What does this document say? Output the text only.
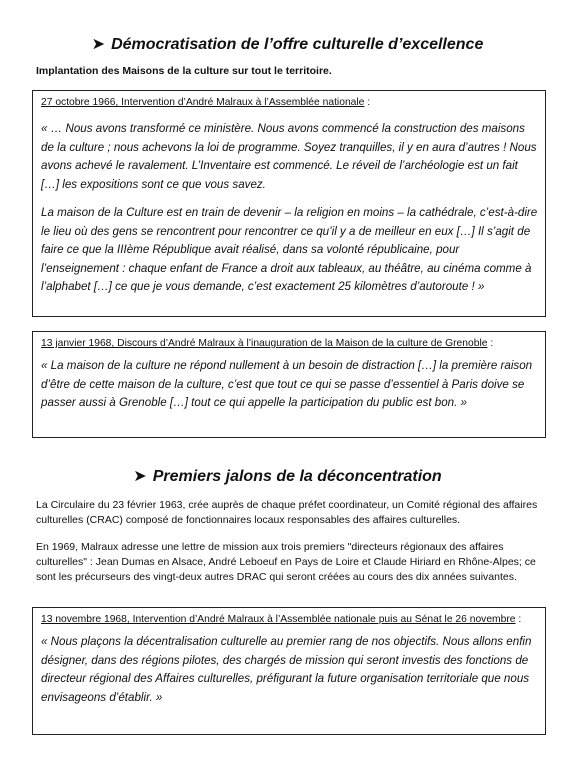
➤ Démocratisation de l’offre culturelle d’excellence
Implantation des Maisons de la culture sur tout le territoire.
27 octobre 1966, Intervention d’André Malraux à l’Assemblée nationale :

« … Nous avons transformé ce ministère. Nous avons commencé la construction des maisons de la culture ; nous achevons la loi de programme. Soyez tranquilles, il y en aura d’autres ! Nous avons achevé le ravalement. L’Inventaire est commencé. Le réveil de l’archéologie est un fait […] les expositions sont ce que vous savez.

La maison de la Culture est en train de devenir – la religion en moins – la cathédrale, c’est-à-dire le lieu où des gens se rencontrent pour rencontrer ce qu’il y a de meilleur en eux […] Il s’agit de faire ce que la IIIème République avait réalisé, dans sa volonté républicaine, pour l’enseignement : chaque enfant de France a droit aux tableaux, au théâtre, au cinéma comme à l’alphabet […] ce que je vous demande, c’est exactement 25 kilomètres d’autoroute ! »

13 janvier 1968, Discours d’André Malraux à l’inauguration de la Maison de la culture de Grenoble :

« La maison de la culture ne répond nullement à un besoin de distraction […] la première raison d’être de cette maison de la culture, c’est que tout ce qui se passe d’essentiel à Paris doive se passer aussi à Grenoble […] tout ce qui appelle la participation du public est bon. »

➤ Premiers jalons de la déconcentration
La Circulaire du 23 février 1963, crée auprès de chaque préfet coordinateur, un Comité régional des affaires culturelles (CRAC) composé de fonctionnaires locaux responsables des affaires culturelles.
En 1969, Malraux adresse une lettre de mission aux trois premiers "directeurs régionaux des affaires culturelles" : Jean Dumas en Alsace, André Leboeuf en Pays de Loire et Claude Hiriard en Rhône-Alpes; ce sont les précurseurs des vingt-deux autres DRAC qui seront créées au cours des dix années suivantes.
13 novembre 1968, Intervention d’André Malraux à l’Assemblée nationale puis au Sénat le 26 novembre :

« Nous plaçons la décentralisation culturelle au premier rang de nos objectifs. Nous allons enfin désigner, dans des régions pilotes, des chargés de mission qui seront investis des fonctions de directeur régional des Affaires culturelles, préfigurant la future organisation territoriale que nous envisageons d’établir. »
